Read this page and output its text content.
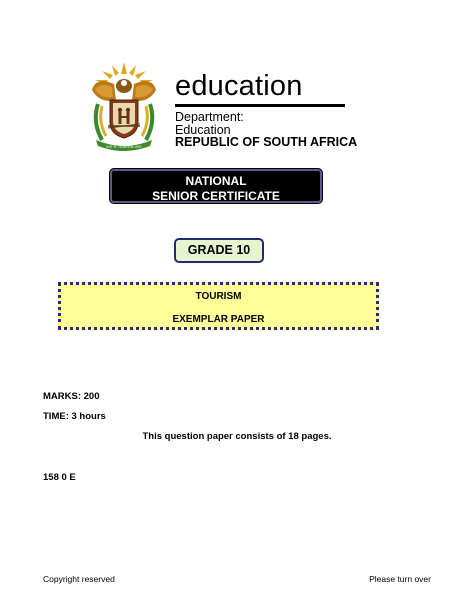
!KE E: /XARRA //KE
education
Department:
Education
REPUBLIC OF SOUTH AFRICA
NATIONAL
SENIOR CERTIFICATE
GRADE 10
TOURISM
EXEMPLAR PAPER
MARKS: 200
TIME: 3 hours
This question paper consists of 18 pages.
158 0 E
Copyright reserved	Please turn over
